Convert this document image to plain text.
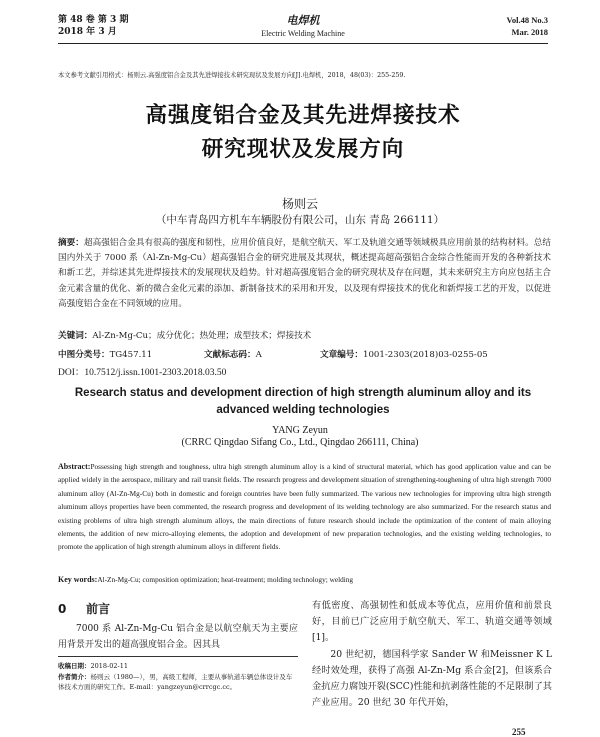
第 48 卷 第 3 期
2018 年 3 月
电焊机
Electric Welding Machine
Vol.48 No.3
Mar. 2018
本文参考文献引用格式：杨则云.高强度铝合金及其先进焊接技术研究现状及发展方向[J].电焊机，2018，48(03)：255-259.
高强度铝合金及其先进焊接技术
研究现状及发展方向
杨则云
（中车青岛四方机车车辆股份有限公司，山东 青岛 266111）
摘要：超高强铝合金具有很高的强度和韧性，应用价值良好，是航空航天、军工及轨道交通等领域极具应用前景的结构材料。总结国内外关于 7000 系（Al-Zn-Mg-Cu）超高强铝合金的研究进展及其现状，概述提高超高强铝合金综合性能而开发的各种新技术和新工艺，并综述其先进焊接技术的发展现状及趋势。针对超高强度铝合金的研究现状及存在问题，其未来研究主方向应包括主合金元素含量的优化、新的微合金化元素的添加、新制备技术的采用和开发，以及现有焊接技术的优化和新焊接工艺的开发，以促进高强度铝合金在不同领域的应用。
关键词：Al-Zn-Mg-Cu；成分优化；热处理；成型技术；焊接技术
中图分类号：TG457.11	文献标志码：A	文章编号：1001-2303(2018)03-0255-05
DOI：10.7512/j.issn.1001-2303.2018.03.50
Research status and development direction of high strength aluminum alloy and its advanced welding technologies
YANG Zeyun
(CRRC Qingdao Sifang Co., Ltd., Qingdao 266111, China)
Abstract:Possessing high strength and toughness, ultra high strength aluminum alloy is a kind of structural material, which has good application value and can be applied widely in the aerospace, military and rail transit fields. The research progress and development situation of strengthening-toughening of ultra high strength 7000 aluminum alloy (Al-Zn-Mg-Cu) both in domestic and foreign countries have been fully summarized. The various new technologies for improving ultra high strength aluminum alloys properties have been commented, the research progress and development of its welding technology are also summarized. For the research status and existing problems of ultra high strength aluminum alloys, the main directions of future research should include the optimization of the content of main alloying elements, the addition of new micro-alloying elements, the adoption and development of new preparation technologies, and the existing welding technologies, to promote the application of high strength aluminum alloys in different fields.
Key words:Al-Zn-Mg-Cu; composition optimization; heat-treatment; molding technology; welding
0 前言
7000 系 Al-Zn-Mg-Cu 铝合金是以航空航天为主要应用背景开发出的超高强度铝合金。因其具
收稿日期：2018-02-11
作者简介：杨则云（1980—），男，高级工程师，主要从事轨道车辆总体设计及车体技术方面的研究工作。E-mail：yangzeyun@crrcgc.cc。

有低密度、高强韧性和低成本等优点，应用价值和前景良好，目前已广泛应用于航空航天、军工、轨道交通等领域[1]。

20 世纪初，德国科学家 Sander W 和Meissner K L 经时效处理，获得了高强 Al-Zn-Mg 系合金[2]，但该系合金抗应力腐蚀开裂(SCC)性能和抗剥落性能的不足限制了其产业应用。20 世纪 30 年代开始，

255
